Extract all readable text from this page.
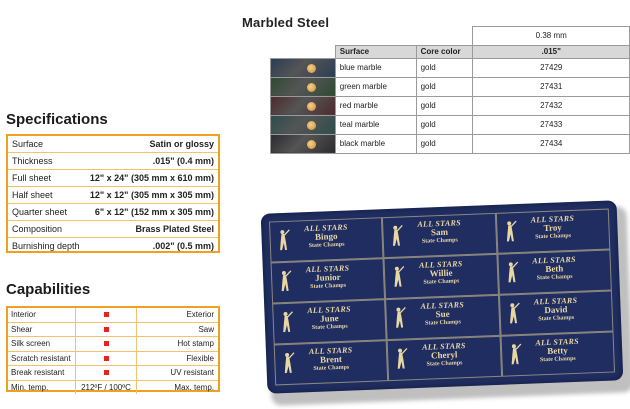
Marbled Steel
			0.38 mm
	Surface	Core color	.015"

	blue marble	gold	27429

	green marble	gold	27431

	red marble	gold	27432

	teal marble	gold	27433

	black marble	gold	27434
Specifications
Surface	Satin or glossy
Thickness	.015" (0.4 mm)
Full sheet	12" x 24" (305 mm x 610 mm)
Half sheet	12" x 12" (305 mm x 305 mm)
Quarter sheet	6" x 12" (152 mm x 305 mm)
Composition	Brass Plated Steel
Burnishing depth	.002" (0.5 mm)
Capabilities
Interior	Exterior
Shear	Saw
Silk screen	Hot stamp
Scratch resistant	Flexible
Break resistant	UV resistant
Min. temp.	212ºF / 100ºC	Max. temp.
ALL STARS
Bingo
State Champs
ALL STARS
Sam
State Champs
ALL STARS
Troy
State Champs
ALL STARS
Junior
State Champs
ALL STARS
Willie
State Champs
ALL STARS
Beth
State Champs
ALL STARS
June
State Champs
ALL STARS
Sue
State Champs
ALL STARS
David
State Champs
ALL STARS
Brent
State Champs
ALL STARS
Cheryl
State Champs
ALL STARS
Betty
State Champs
